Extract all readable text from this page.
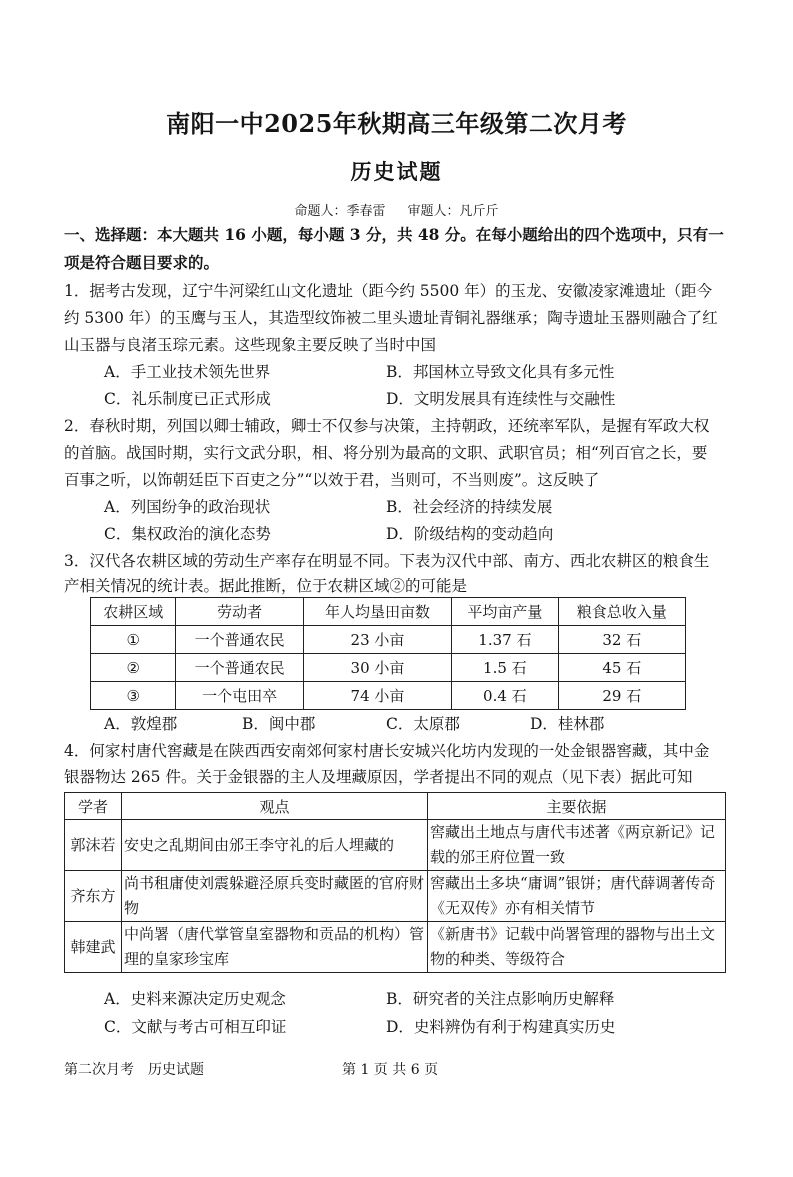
南阳一中2025年秋期高三年级第二次月考
历史试题
命题人：季春雷 审题人：凡斤斤
一、选择题：本大题共 16 小题，每小题 3 分，共 48 分。在每小题给出的四个选项中，只有一
项是符合题目要求的。
1．据考古发现，辽宁牛河梁红山文化遗址（距今约 5500 年）的玉龙、安徽凌家滩遗址（距今
约 5300 年）的玉鹰与玉人，其造型纹饰被二里头遗址青铜礼器继承；陶寺遗址玉器则融合了红
山玉器与良渚玉琮元素。这些现象主要反映了当时中国
A．手工业技术领先世界	B．邦国林立导致文化具有多元性
C．礼乐制度已正式形成	D．文明发展具有连续性与交融性
2．春秋时期，列国以卿士辅政，卿士不仅参与决策，主持朝政，还统率军队，是握有军政大权
的首脑。战国时期，实行文武分职，相、将分别为最高的文职、武职官员；相“列百官之长，要
百事之听，以饰朝廷臣下百吏之分”“以效于君，当则可，不当则废”。这反映了
A．列国纷争的政治现状	B．社会经济的持续发展
C．集权政治的演化态势	D．阶级结构的变动趋向
3．汉代各农耕区域的劳动生产率存在明显不同。下表为汉代中部、南方、西北农耕区的粮食生
产相关情况的统计表。据此推断，位于农耕区域②的可能是
农耕区域	劳动者	年人均垦田亩数	平均亩产量	粮食总收入量
①	一个普通农民	23 小亩	1.37 石	32 石
②	一个普通农民	30 小亩	1.5 石	45 石
③	一个屯田卒	74 小亩	0.4 石	29 石
A．敦煌郡	B．闽中郡	C．太原郡	D．桂林郡
4．何家村唐代窖藏是在陕西西安南郊何家村唐长安城兴化坊内发现的一处金银器窖藏，其中金
银器物达 265 件。关于金银器的主人及埋藏原因，学者提出不同的观点（见下表）据此可知
学者	观点	主要依据
郭沫若	安史之乱期间由邠王李守礼的后人埋藏的	窖藏出土地点与唐代韦述著《两京新记》记载的邠王府位置一致
齐东方	尚书租庸使刘震躲避泾原兵变时藏匿的官府财物	窖藏出土多块“庸调”银饼；唐代薛调著传奇《无双传》亦有相关情节
韩建武	中尚署（唐代掌管皇室器物和贡品的机构）管理的皇家珍宝库	《新唐书》记载中尚署管理的器物与出土文物的种类、等级符合
A．史料来源决定历史观念	B．研究者的关注点影响历史解释
C．文献与考古可相互印证	D．史料辨伪有利于构建真实历史
第二次月考　历史试题	第 1 页 共 6 页
